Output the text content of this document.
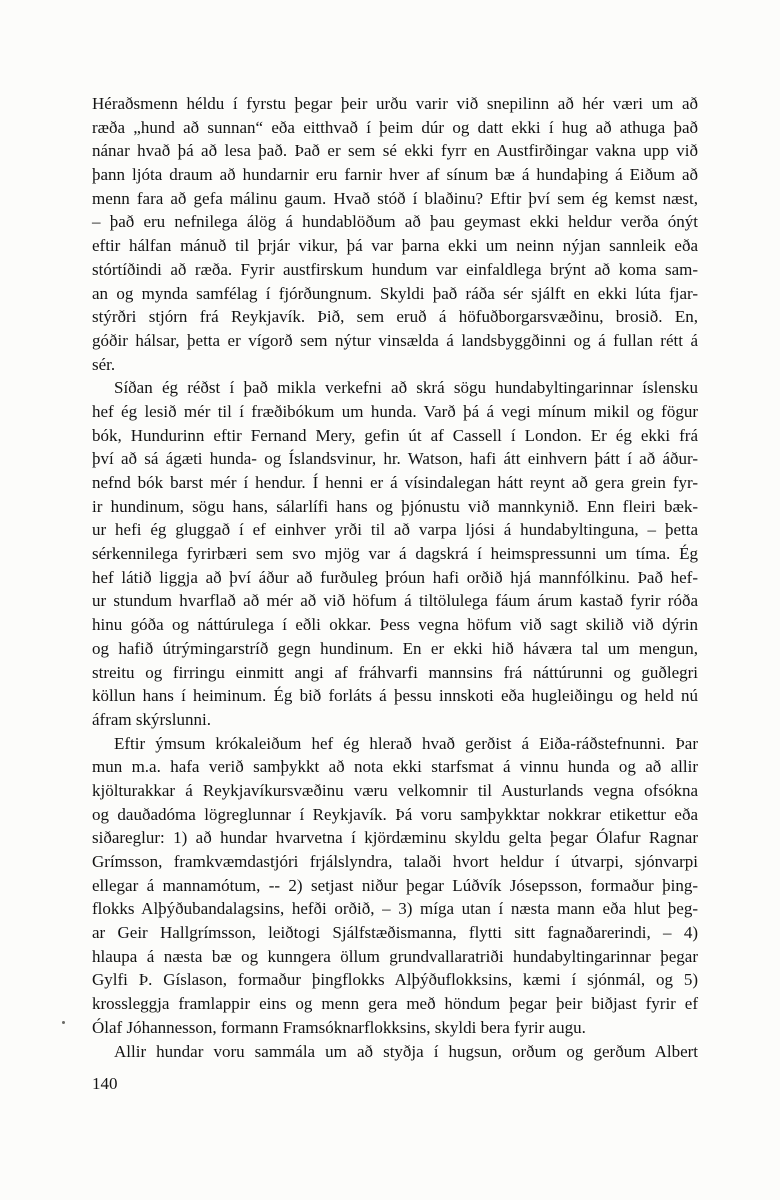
Héraðsmenn héldu í fyrstu þegar þeir urðu varir við snepilinn að hér væri um að
ræða „hund að sunnan“ eða eitthvað í þeim dúr og datt ekki í hug að athuga það
nánar hvað þá að lesa það. Það er sem sé ekki fyrr en Austfirðingar vakna upp við
þann ljóta draum að hundarnir eru farnir hver af sínum bæ á hundaþing á Eiðum að
menn fara að gefa málinu gaum. Hvað stóð í blaðinu? Eftir því sem ég kemst næst,
– það eru nefnilega álög á hundablöðum að þau geymast ekki heldur verða ónýt
eftir hálfan mánuð til þrjár vikur, þá var þarna ekki um neinn nýjan sannleik eða
stórtíðindi að ræða. Fyrir austfirskum hundum var einfaldlega brýnt að koma sam-
an og mynda samfélag í fjórðungnum. Skyldi það ráða sér sjálft en ekki lúta fjar-
stýrðri stjórn frá Reykjavík. Þið, sem eruð á höfuðborgarsvæðinu, brosið. En,
góðir hálsar, þetta er vígorð sem nýtur vinsælda á landsbyggðinni og á fullan rétt á
sér.
Síðan ég réðst í það mikla verkefni að skrá sögu hundabyltingarinnar íslensku
hef ég lesið mér til í fræðibókum um hunda. Varð þá á vegi mínum mikil og fögur
bók, Hundurinn eftir Fernand Mery, gefin út af Cassell í London. Er ég ekki frá
því að sá ágæti hunda- og Íslandsvinur, hr. Watson, hafi átt einhvern þátt í að áður-
nefnd bók barst mér í hendur. Í henni er á vísindalegan hátt reynt að gera grein fyr-
ir hundinum, sögu hans, sálarlífi hans og þjónustu við mannkynið. Enn fleiri bæk-
ur hefi ég gluggað í ef einhver yrði til að varpa ljósi á hundabyltinguna, – þetta
sérkennilega fyrirbæri sem svo mjög var á dagskrá í heimspressunni um tíma. Ég
hef látið liggja að því áður að furðuleg þróun hafi orðið hjá mannfólkinu. Það hef-
ur stundum hvarflað að mér að við höfum á tiltölulega fáum árum kastað fyrir róða
hinu góða og náttúrulega í eðli okkar. Þess vegna höfum við sagt skilið við dýrin
og hafið útrýmingarstríð gegn hundinum. En er ekki hið háværa tal um mengun,
streitu og firringu einmitt angi af fráhvarfi mannsins frá náttúrunni og guðlegri
köllun hans í heiminum. Ég bið forláts á þessu innskoti eða hugleiðingu og held nú
áfram skýrslunni.
Eftir ýmsum krókaleiðum hef ég hlerað hvað gerðist á Eiða-ráðstefnunni. Þar
mun m.a. hafa verið samþykkt að nota ekki starfsmat á vinnu hunda og að allir
kjölturakkar á Reykjavíkursvæðinu væru velkomnir til Austurlands vegna ofsókna
og dauðadóma lögreglunnar í Reykjavík. Þá voru samþykktar nokkrar etikettur eða
siðareglur: 1) að hundar hvarvetna í kjördæminu skyldu gelta þegar Ólafur Ragnar
Grímsson, framkvæmdastjóri frjálslyndra, talaði hvort heldur í útvarpi, sjónvarpi
ellegar á mannamótum, -- 2) setjast niður þegar Lúðvík Jósepsson, formaður þing-
flokks Alþýðubandalagsins, hefði orðið, – 3) míga utan í næsta mann eða hlut þeg-
ar Geir Hallgrímsson, leiðtogi Sjálfstæðismanna, flytti sitt fagnaðarerindi, – 4)
hlaupa á næsta bæ og kunngera öllum grundvallaratriði hundabyltingarinnar þegar
Gylfi Þ. Gíslason, formaður þingflokks Alþýðuflokksins, kæmi í sjónmál, og 5)
krossleggja framlappir eins og menn gera með höndum þegar þeir biðjast fyrir ef
Ólaf Jóhannesson, formann Framsóknarflokksins, skyldi bera fyrir augu.
Allir hundar voru sammála um að styðja í hugsun, orðum og gerðum Albert
140
